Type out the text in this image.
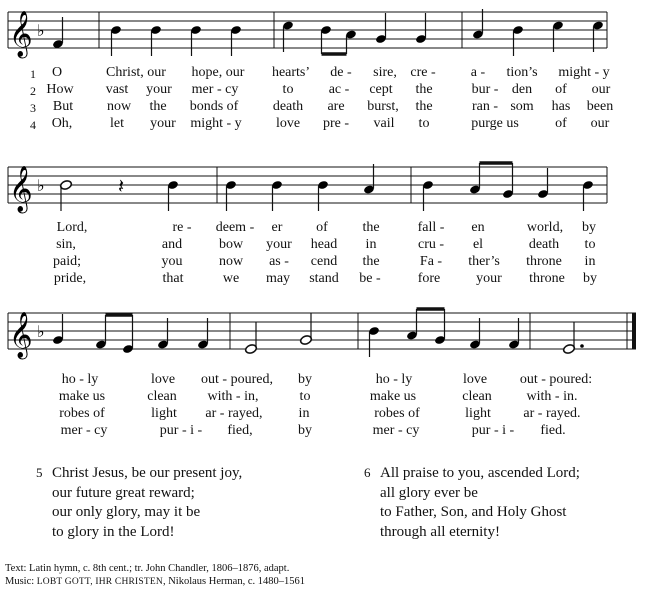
𝄞 ♭
1 O	Christ, our hope, our hearts’ de - sire, cre -	a - tion’s might - y
2 How vast your mer - cy	to	ac - cept the	bur - den of our
3 But now the bonds of death are burst, the	ran - som has been
4 Oh,	let your might - y love pre - vail to	purge us	of our
𝄞 ♭	𝄽
Lord,	re - deem - er of the	fall - en	world, by
sin,	and	bow your head in	cru - el	death to
paid;	you	now as - cend the	Fa - ther’s throne in
pride,	that	we may stand be -	fore	your throne by
𝄞 ♭
ho - ly	love out - poured, by	ho - ly	love out - poured:
make us	clean with - in,	to	make us	clean with - in.
robes of	light ar - rayed,	in	robes of	light ar - rayed.
mer - cy	pur - i - fied,	by	mer - cy	pur - i - fied.
5 Christ Jesus, be our present joy,
our future great reward;
our only glory, may it be
to glory in the Lord!
6 All praise to you, ascended Lord;
all glory ever be
to Father, Son, and Holy Ghost
through all eternity!
Text: Latin hymn, c. 8th cent.; tr. John Chandler, 1806–1876, adapt.
Music: LOBT GOTT, IHR CHRISTEN, Nikolaus Herman, c. 1480–1561
